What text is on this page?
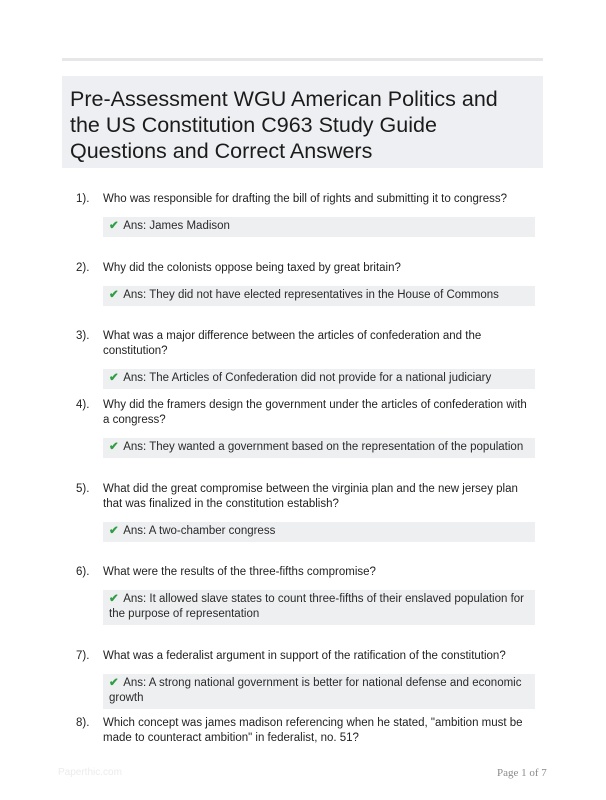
Pre-Assessment WGU American Politics and the US Constitution C963 Study Guide Questions and Correct Answers
1). Who was responsible for drafting the bill of rights and submitting it to congress?
✔ Ans: James Madison
2). Why did the colonists oppose being taxed by great britain?
✔ Ans: They did not have elected representatives in the House of Commons
3). What was a major difference between the articles of confederation and the constitution?
✔ Ans: The Articles of Confederation did not provide for a national judiciary
4). Why did the framers design the government under the articles of confederation with a congress?
✔ Ans: They wanted a government based on the representation of the population
5). What did the great compromise between the virginia plan and the new jersey plan that was finalized in the constitution establish?
✔ Ans: A two-chamber congress
6). What were the results of the three-fifths compromise?
✔ Ans: It allowed slave states to count three-fifths of their enslaved population for the purpose of representation
7). What was a federalist argument in support of the ratification of the constitution?
✔ Ans: A strong national government is better for national defense and economic growth
8). Which concept was james madison referencing when he stated, "ambition must be made to counteract ambition" in federalist, no. 51?
Paperthic.com	Page 1 of 7
